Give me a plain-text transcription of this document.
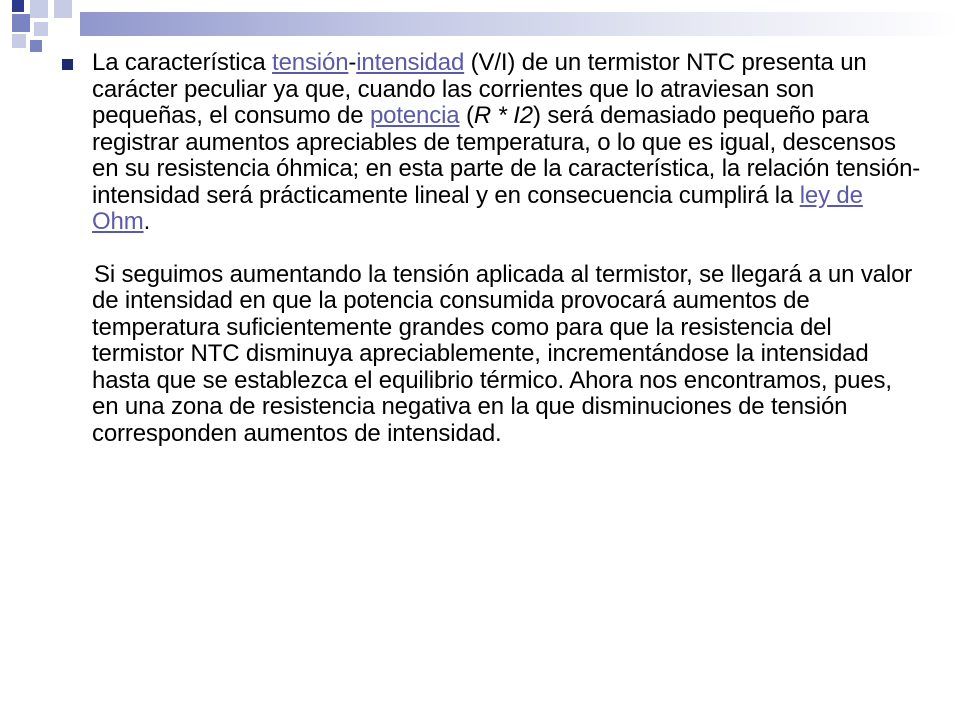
La característica tensión-intensidad (V/I) de un termistor NTC presenta un carácter peculiar ya que, cuando las corrientes que lo atraviesan son pequeñas, el consumo de potencia (R * I2) será demasiado pequeño para registrar aumentos apreciables de temperatura, o lo que es igual, descensos en su resistencia óhmica; en esta parte de la característica, la relación tensión-intensidad será prácticamente lineal y en consecuencia cumplirá la ley de Ohm.
Si seguimos aumentando la tensión aplicada al termistor, se llegará a un valor de intensidad en que la potencia consumida provocará aumentos de temperatura suficientemente grandes como para que la resistencia del termistor NTC disminuya apreciablemente, incrementándose la intensidad hasta que se establezca el equilibrio térmico. Ahora nos encontramos, pues, en una zona de resistencia negativa en la que disminuciones de tensión corresponden aumentos de intensidad.
